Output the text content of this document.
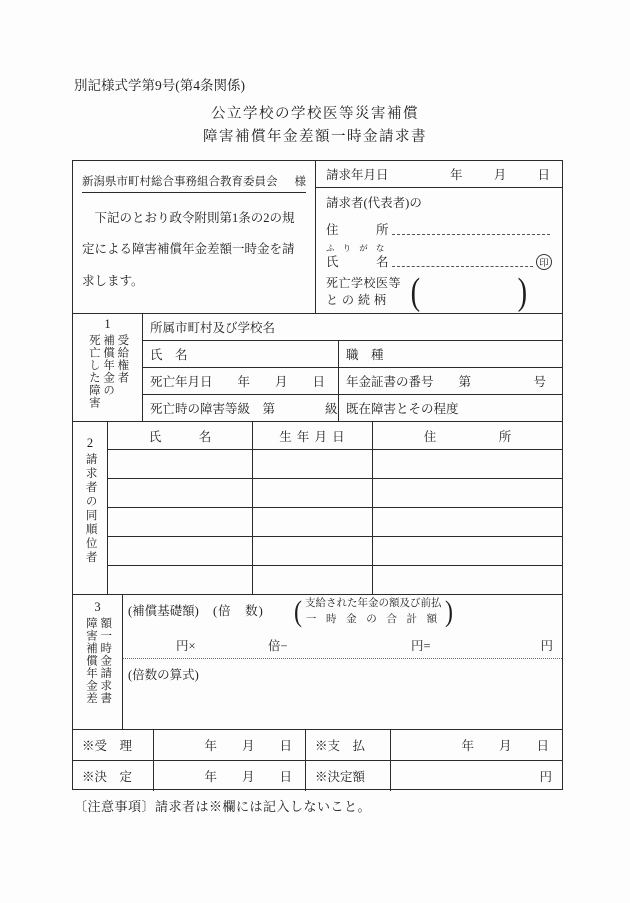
別記様式学第9号(第4条関係)
公立学校の学校医等災害補償
障害補償年金差額一時金請求書
新潟県市町村総合事務組合教育委員会 様
下記のとおり政令附則第1条の2の規定による障害補償年金差額一時金を請求します。
請求年月日	年 月 日
請求者(代表者)の
住　　　所
ふ り が な
氏　　　名	印
死亡学校医等
と の 続 柄 (	)
1
死亡した障害 補償年金の 受給権者
所属市町村及び学校名
氏　名	職　種
死亡年月日　　年　　月　　日	年金証書の番号　　第　　　　　号
死亡時の障害等級　第　　　　級 既在障害とその程度
2
請求者の同順位者
氏　　　名	生 年 月 日	住　　　　　所
3
障害補償年金差 額一時金請求書
(補償基礎額) (倍　数) ( 支給された年金の額及び前払
一 時 金 の 合 計 額 )
円×	倍−	円=	円
(倍数の算式)
※受　理	年　　月　　日	※支　払	年　　月　　日
※決　定	年　　月　　日	※決定額	円
〔注意事項〕請求者は※欄には記入しないこと。
